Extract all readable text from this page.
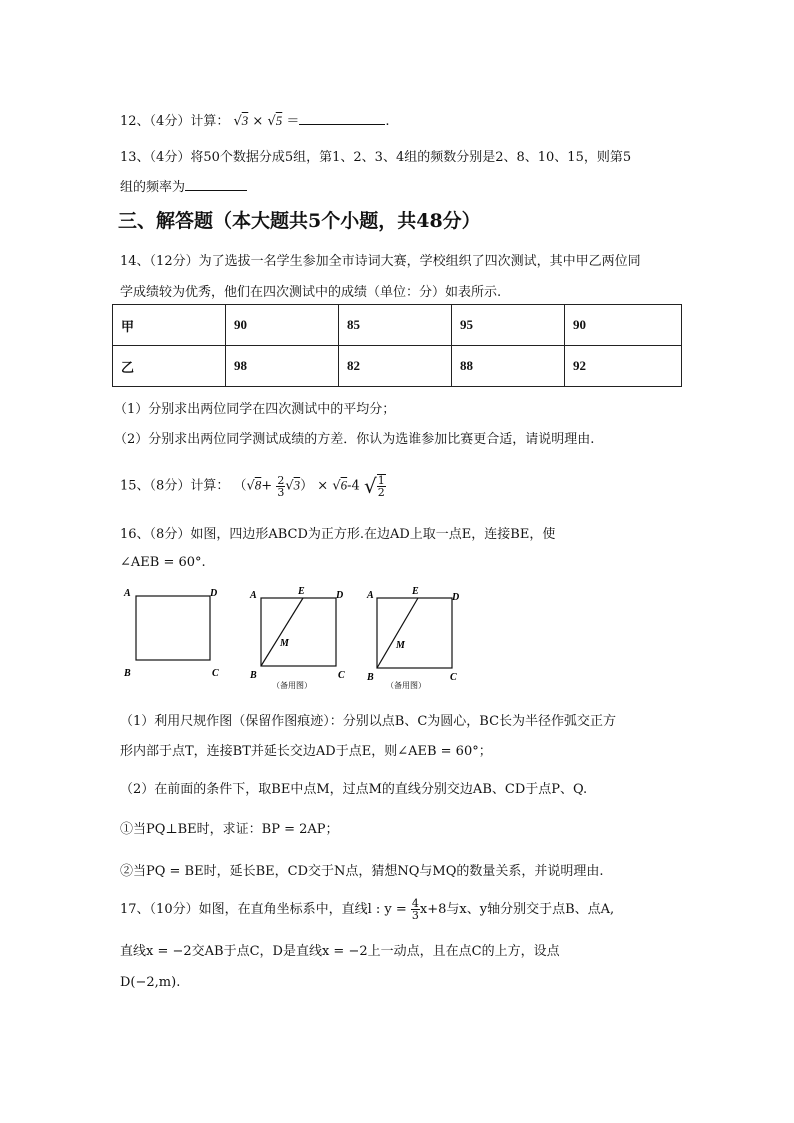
12、（4分）计算： √3 × √5 ＝	.
13、（4分）将50个数据分成5组，第1、2、3、4组的频数分别是2、8、10、15，则第5
组的频率为
三、解答题（本大题共5个小题，共48分）
14、（12分）为了选拔一名学生参加全市诗词大赛，学校组织了四次测试，其中甲乙两位同
学成绩较为优秀，他们在四次测试中的成绩（单位：分）如表所示.
甲	90	85	95	90
乙	98	82	88	92
（1）分别求出两位同学在四次测试中的平均分；
（2）分别求出两位同学测试成绩的方差．你认为选谁参加比赛更合适，请说明理由.
15、（8分）计算： $(√8+ \frac{2}{3} √3) \times √6-4$ √ $\frac{1}{2}$
16、（8分）如图，四边形ABCD为正方形.在边AD上取一点E，连接BE，使
∠AEB = 60°.
A	D
B	C
A	E	D
M
B	C
（备用图）
A	E
D
M
B	C
（备用图）
（1）利用尺规作图（保留作图痕迹）：分别以点B、C为圆心，BC长为半径作弧交正方
形内部于点T，连接BT并延长交边AD于点E，则∠AEB = 60°；
（2）在前面的条件下，取BE中点M，过点M的直线分别交边AB、CD于点P、Q.
①当PQ⊥BE时，求证：BP = 2AP；
②当PQ = BE时，延长BE，CD交于N点，猜想NQ与MQ的数量关系，并说明理由.
17、（10分）如图，在直角坐标系中，直线l : $y = \frac{4}{3} x+8$与x、y轴分别交于点B、点A,
直线x = −2交AB于点C，D是直线x = −2上一动点，且在点C的上方，设点
D(−2,m).
